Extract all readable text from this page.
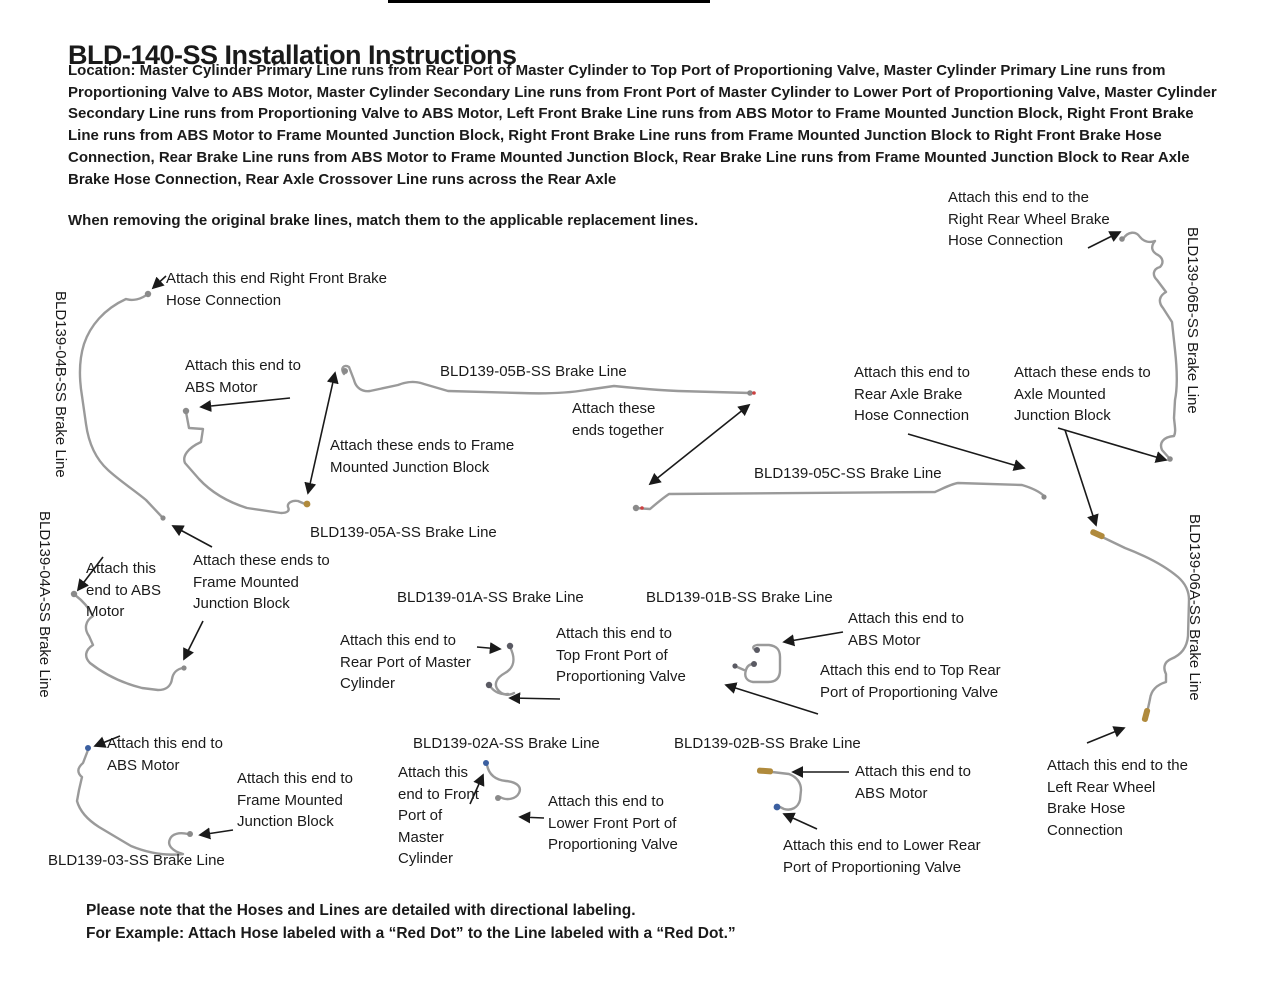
BLD-140-SS Installation Instructions
Location: Master Cylinder Primary Line runs from Rear Port of Master Cylinder to Top Port of Proportioning Valve, Master Cylinder Primary Line runs from Proportioning Valve to ABS Motor, Master Cylinder Secondary Line runs from Front Port of Master Cylinder to Lower Port of Proportioning Valve, Master Cylinder Secondary Line runs from Proportioning Valve to ABS Motor, Left Front Brake Line runs from ABS Motor to Frame Mounted Junction Block, Right Front Brake Line runs from ABS Motor to Frame Mounted Junction Block, Right Front Brake Line runs from Frame Mounted Junction Block to Right Front Brake Hose Connection, Rear Brake Line runs from ABS Motor to Frame Mounted Junction Block, Rear Brake Line runs from Frame Mounted Junction Block to Rear Axle Brake Hose Connection, Rear Axle Crossover Line runs across the Rear Axle
When removing the original brake lines, match them to the applicable replacement lines.
Attach this end to the Right Rear Wheel Brake Hose Connection
Attach this end Right Front Brake Hose Connection
Attach this end to ABS Motor
Attach these ends together
Attach this end to Rear Axle Brake Hose Connection
Attach these ends to Axle Mounted Junction Block
Attach these ends to Frame Mounted Junction Block
Attach this end to ABS Motor
Attach these ends to Frame Mounted Junction Block
Attach this end to Rear Port of Master Cylinder
Attach this end to Top Front Port of Proportioning Valve
Attach this end to ABS Motor
Attach this end to Top Rear Port of Proportioning Valve
Attach this end to ABS Motor
Attach this end to Frame Mounted Junction Block
Attach this end to Front Port of Master Cylinder
Attach this end to Lower Front Port of Proportioning Valve
Attach this end to ABS Motor
Attach this end to Lower Rear Port of Proportioning Valve
Attach this end to the Left Rear Wheel Brake Hose Connection
BLD139-05B-SS Brake Line
BLD139-05C-SS Brake Line
BLD139-05A-SS Brake Line
BLD139-01A-SS Brake Line	BLD139-01B-SS Brake Line
BLD139-02A-SS Brake Line	BLD139-02B-SS Brake Line
BLD139-03-SS Brake Line
BLD139-06B-SS Brake Line
BLD139-06A-SS Brake Line
BLD139-04B-SS Brake Line
BLD139-04A-SS Brake Line
Please note that the Hoses and Lines are detailed with directional labeling.
For Example: Attach Hose labeled with a “Red Dot” to the Line labeled with a “Red Dot.”
